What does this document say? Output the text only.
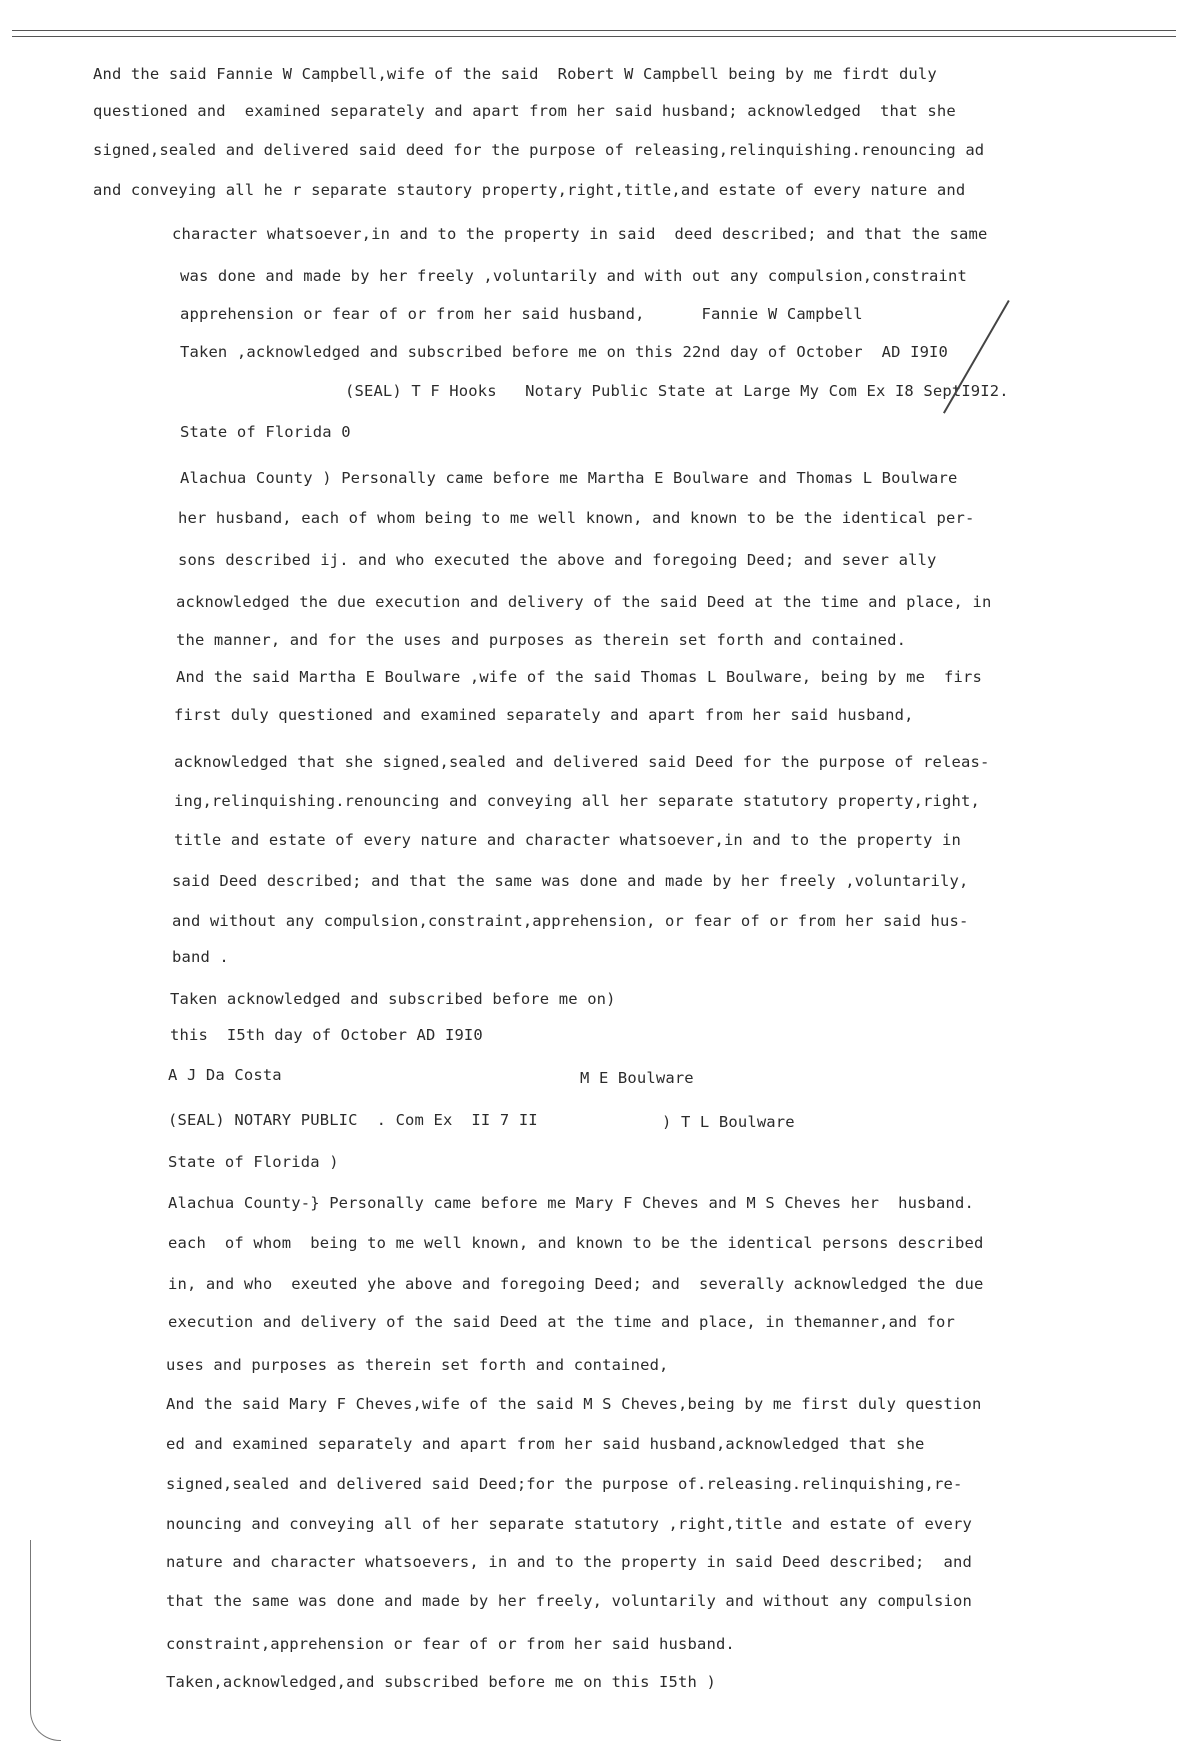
And the said Fannie W Campbell,wife of the said  Robert W Campbell being by me firdt duly
questioned and  examined separately and apart from her said husband; acknowledged  that she
signed,sealed and delivered said deed for the purpose of releasing,relinquishing.renouncing ad
and conveying all he r separate stautory property,right,title,and estate of every nature and
character whatsoever,in and to the property in said  deed described; and that the same
was done and made by her freely ,voluntarily and with out any compulsion,constraint
apprehension or fear of or from her said husband,      Fannie W Campbell
Taken ,acknowledged and subscribed before me on this 22nd day of October  AD I9I0
(SEAL) T F Hooks   Notary Public State at Large My Com Ex I8 SeptI9I2.
State of Florida 0
Alachua County ) Personally came before me Martha E Boulware and Thomas L Boulware
her husband, each of whom being to me well known, and known to be the identical per-
sons described ij. and who executed the above and foregoing Deed; and sever ally
acknowledged the due execution and delivery of the said Deed at the time and place, in
the manner, and for the uses and purposes as therein set forth and contained.
And the said Martha E Boulware ,wife of the said Thomas L Boulware, being by me  firs
first duly questioned and examined separately and apart from her said husband,
acknowledged that she signed,sealed and delivered said Deed for the purpose of releas-
ing,relinquishing.renouncing and conveying all her separate statutory property,right,
title and estate of every nature and character whatsoever,in and to the property in
said Deed described; and that the same was done and made by her freely ,voluntarily,
and without any compulsion,constraint,apprehension, or fear of or from her said hus-
band .
Taken acknowledged and subscribed before me on)
this  I5th day of October AD I9I0
A J Da Costa	M E Boulware
(SEAL) NOTARY PUBLIC  . Com Ex  II 7 II	) T L Boulware
State of Florida )
Alachua County-} Personally came before me Mary F Cheves and M S Cheves her  husband.
each  of whom  being to me well known, and known to be the identical persons described
in, and who  exeuted yhe above and foregoing Deed; and  severally acknowledged the due
execution and delivery of the said Deed at the time and place, in themanner,and for
uses and purposes as therein set forth and contained,
And the said Mary F Cheves,wife of the said M S Cheves,being by me first duly question
ed and examined separately and apart from her said husband,acknowledged that she
signed,sealed and delivered said Deed;for the purpose of.releasing.relinquishing,re-
nouncing and conveying all of her separate statutory ,right,title and estate of every
nature and character whatsoevers, in and to the property in said Deed described;  and
that the same was done and made by her freely, voluntarily and without any compulsion
constraint,apprehension or fear of or from her said husband.
Taken,acknowledged,and subscribed before me on this I5th )
